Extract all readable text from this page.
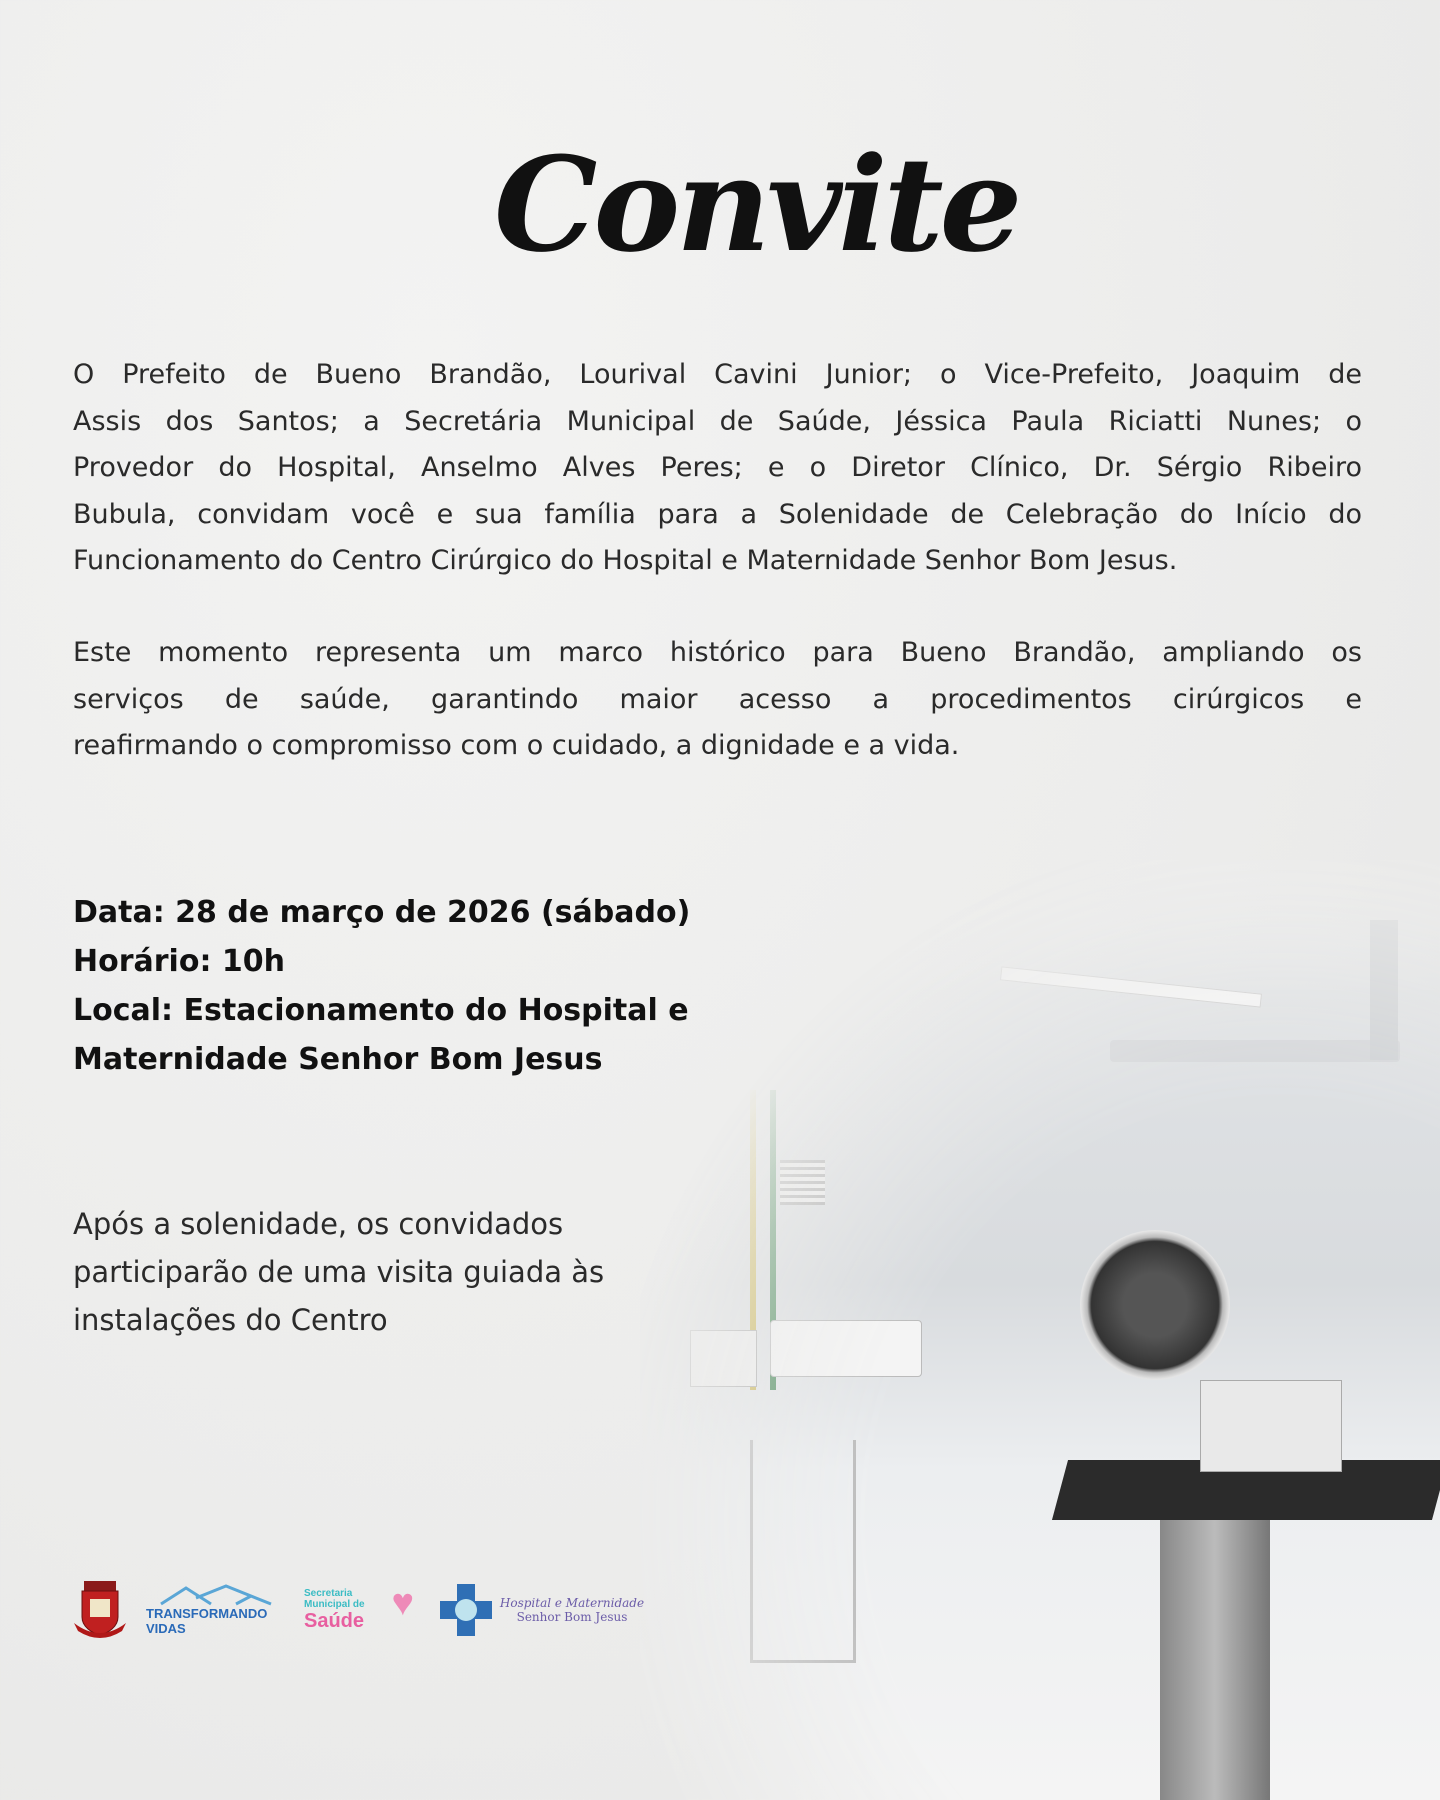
Convite
O Prefeito de Bueno Brandão, Lourival Cavini Junior; o Vice-Prefeito, Joaquim de
Assis dos Santos; a Secretária Municipal de Saúde, Jéssica Paula Riciatti Nunes; o
Provedor do Hospital, Anselmo Alves Peres; e o Diretor Clínico, Dr. Sérgio Ribeiro
Bubula, convidam você e sua família para a Solenidade de Celebração do Início do
Funcionamento do Centro Cirúrgico do Hospital e Maternidade Senhor Bom Jesus.
Este momento representa um marco histórico para Bueno Brandão, ampliando os
serviços de saúde, garantindo maior acesso a procedimentos cirúrgicos e
reafirmando o compromisso com o cuidado, a dignidade e a vida.
Data: 28 de março de 2026 (sábado)
Horário: 10h
Local: Estacionamento do Hospital e
Maternidade Senhor Bom Jesus
Após a solenidade, os convidados
participarão de uma visita guiada às
instalações do Centro
TRANSFORMANDO VIDAS
Secretaria
Municipal de
Saúde ♥	Hospital e Maternidade
Senhor Bom Jesus
